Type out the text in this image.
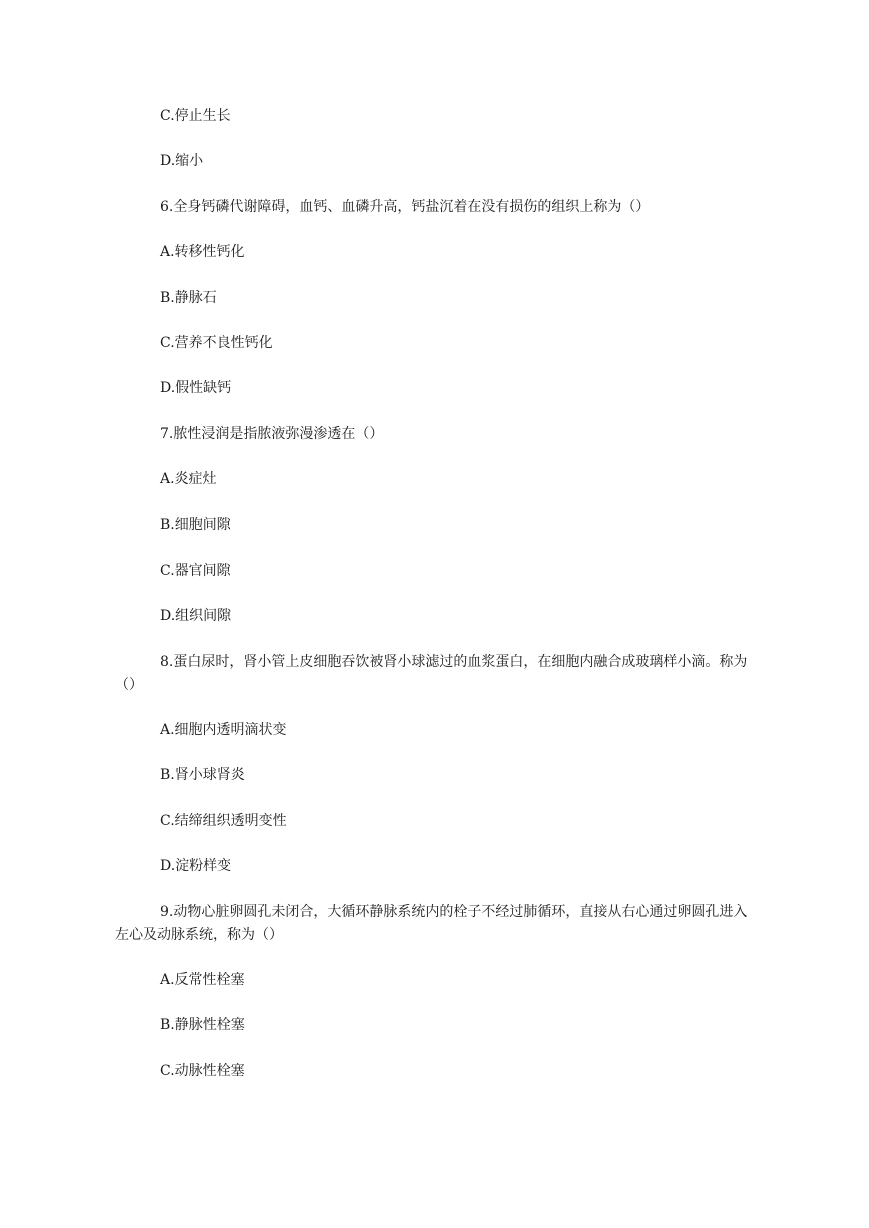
C.停止生长
D.缩小
6.全身钙磷代谢障碍，血钙、血磷升高，钙盐沉着在没有损伤的组织上称为（）
A.转移性钙化
B.静脉石
C.营养不良性钙化
D.假性缺钙
7.脓性浸润是指脓液弥漫渗透在（）
A.炎症灶
B.细胞间隙
C.器官间隙
D.组织间隙
8.蛋白尿时，肾小管上皮细胞吞饮被肾小球滤过的血浆蛋白，在细胞内融合成玻璃样小滴。称为（）
A.细胞内透明滴状变
B.肾小球肾炎
C.结缔组织透明变性
D.淀粉样变
9.动物心脏卵圆孔未闭合，大循环静脉系统内的栓子不经过肺循环，直接从右心通过卵圆孔进入左心及动脉系统，称为（）
A.反常性栓塞
B.静脉性栓塞
C.动脉性栓塞
